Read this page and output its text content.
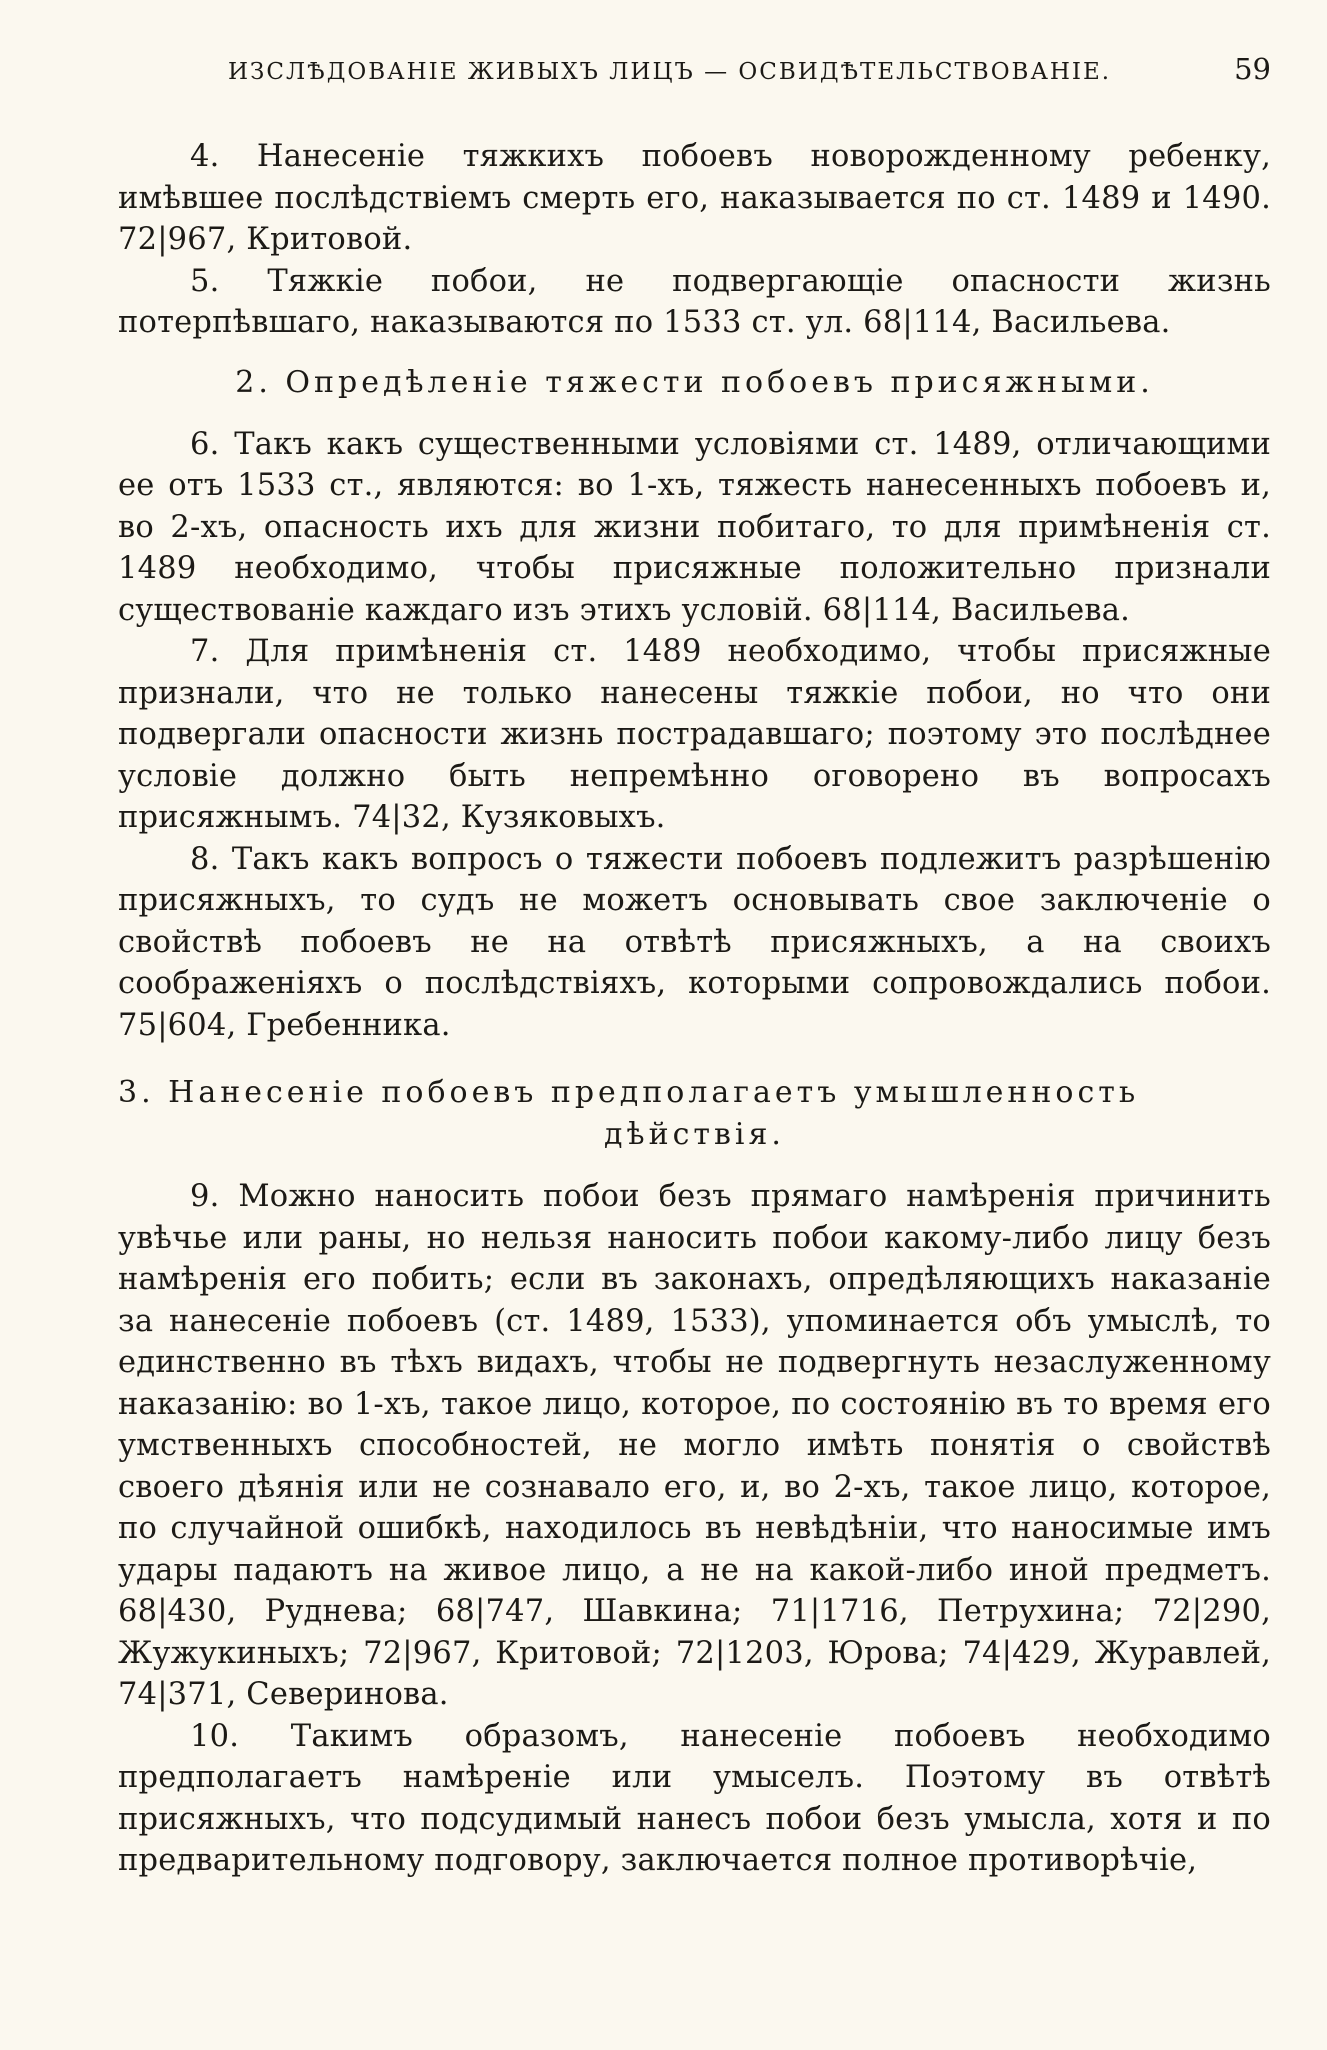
ИЗСЛѢДОВАНІЕ ЖИВЫХЪ ЛИЦЪ — ОСВИДѢТЕЛЬСТВОВАНІЕ.	59

4. Нанесеніе тяжкихъ побоевъ новорожденному ребенку, имѣвшее послѣдствіемъ смерть его, наказывается по ст. 1489 и 1490. 72|967, Критовой.

5. Тяжкіе побои, не подвергающіе опасности жизнь потерпѣвшаго, наказываются по 1533 ст. ул. 68|114, Васильева.

2. Опредѣленіе тяжести побоевъ присяжными.

6. Такъ какъ существенными условіями ст. 1489, отличающими ее отъ 1533 ст., являются: во 1-хъ, тяжесть нанесенныхъ побоевъ и, во 2-хъ, опасность ихъ для жизни побитаго, то для примѣненія ст. 1489 необходимо, чтобы присяжные положительно признали существованіе каждаго изъ этихъ условій. 68|114, Васильева.

7. Для примѣненія ст. 1489 необходимо, чтобы присяжные признали, что не только нанесены тяжкіе побои, но что они подвергали опасности жизнь пострадавшаго; поэтому это послѣднее условіе должно быть непремѣнно оговорено въ вопросахъ присяжнымъ. 74|32, Кузяковыхъ.

8. Такъ какъ вопросъ о тяжести побоевъ подлежитъ разрѣшенію присяжныхъ, то судъ не можетъ основывать свое заключеніе о свойствѣ побоевъ не на отвѣтѣ присяжныхъ, а на своихъ соображеніяхъ о послѣдствіяхъ, которыми сопровождались побои. 75|604, Гребенника.

3. Нанесеніе побоевъ предполагаетъ умышленность
дѣйствія.

9. Можно наносить побои безъ прямаго намѣренія причинить увѣчье или раны, но нельзя наносить побои какому-либо лицу безъ намѣренія его побить; если въ законахъ, опредѣляющихъ наказаніе за нанесеніе побоевъ (ст. 1489, 1533), упоминается объ умыслѣ, то единственно въ тѣхъ видахъ, чтобы не подвергнуть незаслуженному наказанію: во 1-хъ, такое лицо, которое, по состоянію въ то время его умственныхъ способностей, не могло имѣть понятія о свойствѣ своего дѣянія или не сознавало его, и, во 2-хъ, такое лицо, которое, по случайной ошибкѣ, находилось въ невѣдѣніи, что наносимые имъ удары падаютъ на живое лицо, а не на какой-либо иной предметъ. 68|430, Руднева; 68|747, Шавкина; 71|1716, Петрухина; 72|290, Жужукиныхъ; 72|967, Критовой; 72|1203, Юрова; 74|429, Журавлей, 74|371, Северинова.

10. Такимъ образомъ, нанесеніе побоевъ необходимо предполагаетъ намѣреніе или умыселъ. Поэтому въ отвѣтѣ присяжныхъ, что подсудимый нанесъ побои безъ умысла, хотя и по предварительному подговору, заключается полное противорѣчіе,
